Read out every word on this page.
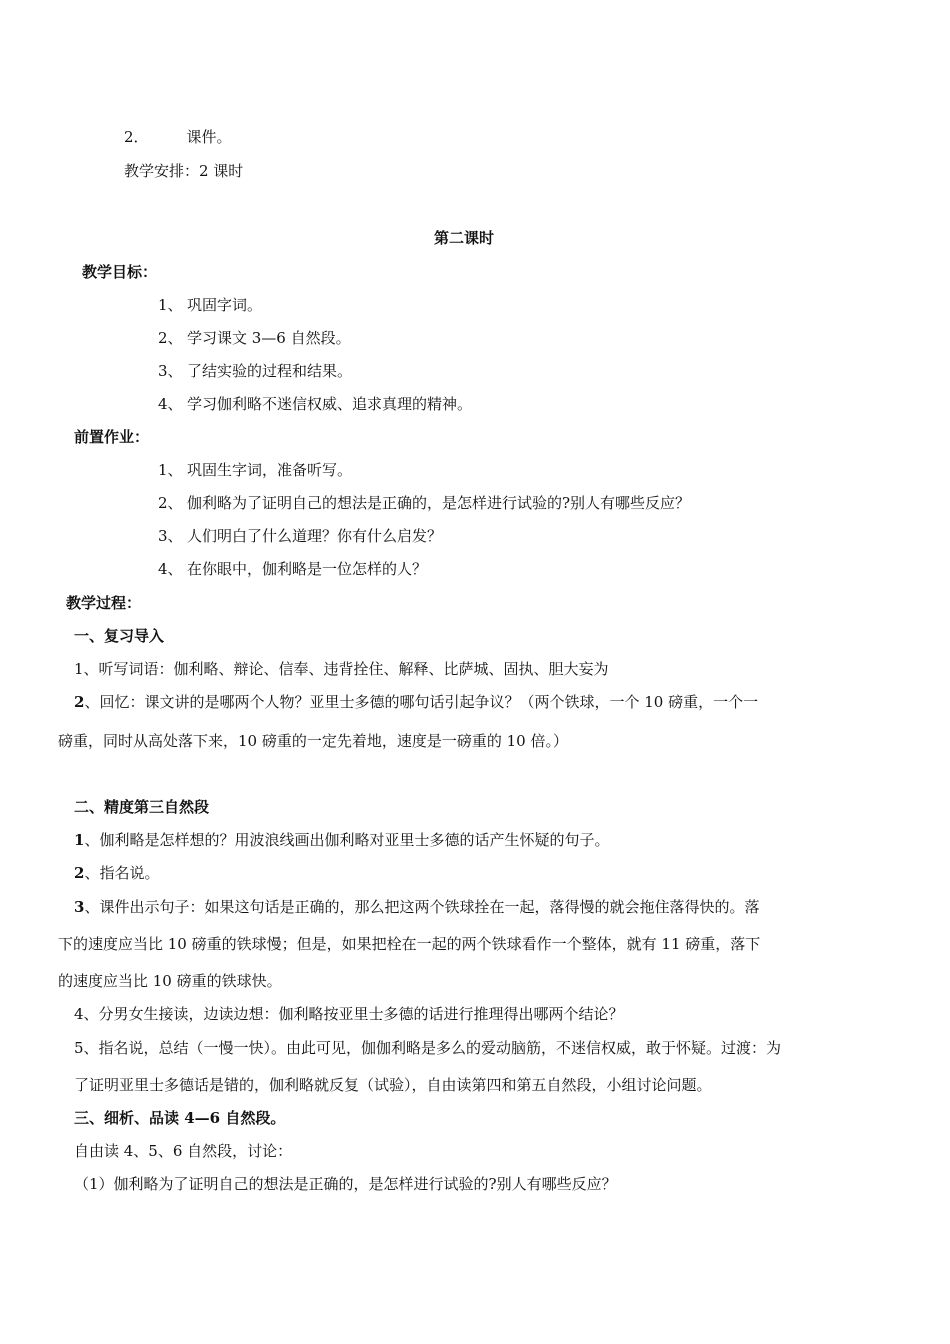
2．	课件。
教学安排：2 课时
第二课时
教学目标：
1、 巩固字词。
2、 学习课文 3—6 自然段。
3、 了结实验的过程和结果。
4、 学习伽利略不迷信权威、追求真理的精神。
前置作业：
1、 巩固生字词，准备听写。
2、 伽利略为了证明自己的想法是正确的，是怎样进行试验的?别人有哪些反应？
3、 人们明白了什么道理？你有什么启发？
4、 在你眼中，伽利略是一位怎样的人？
教学过程：
一、复习导入
1、听写词语：伽利略、辩论、信奉、违背拴住、解释、比萨城、固执、胆大妄为
2、回忆：课文讲的是哪两个人物？亚里士多德的哪句话引起争议？（两个铁球，一个 10 磅重，一个一
磅重，同时从高处落下来，10 磅重的一定先着地，速度是一磅重的 10 倍。）
二、精度第三自然段
1、伽利略是怎样想的？用波浪线画出伽利略对亚里士多德的话产生怀疑的句子。
2、指名说。
3、课件出示句子：如果这句话是正确的，那么把这两个铁球拴在一起，落得慢的就会拖住落得快的。落
下的速度应当比 10 磅重的铁球慢；但是，如果把栓在一起的两个铁球看作一个整体，就有 11 磅重，落下
的速度应当比 10 磅重的铁球快。
4、分男女生接读，边读边想：伽利略按亚里士多德的话进行推理得出哪两个结论？
5、指名说，总结（一慢一快）。由此可见，伽伽利略是多么的爱动脑筋，不迷信权威，敢于怀疑。过渡：为
了证明亚里士多德话是错的，伽利略就反复（试验），自由读第四和第五自然段，小组讨论问题。
三、细析、品读 4—6 自然段。
自由读 4、5、6 自然段，讨论：
（1）伽利略为了证明自己的想法是正确的，是怎样进行试验的?别人有哪些反应？
